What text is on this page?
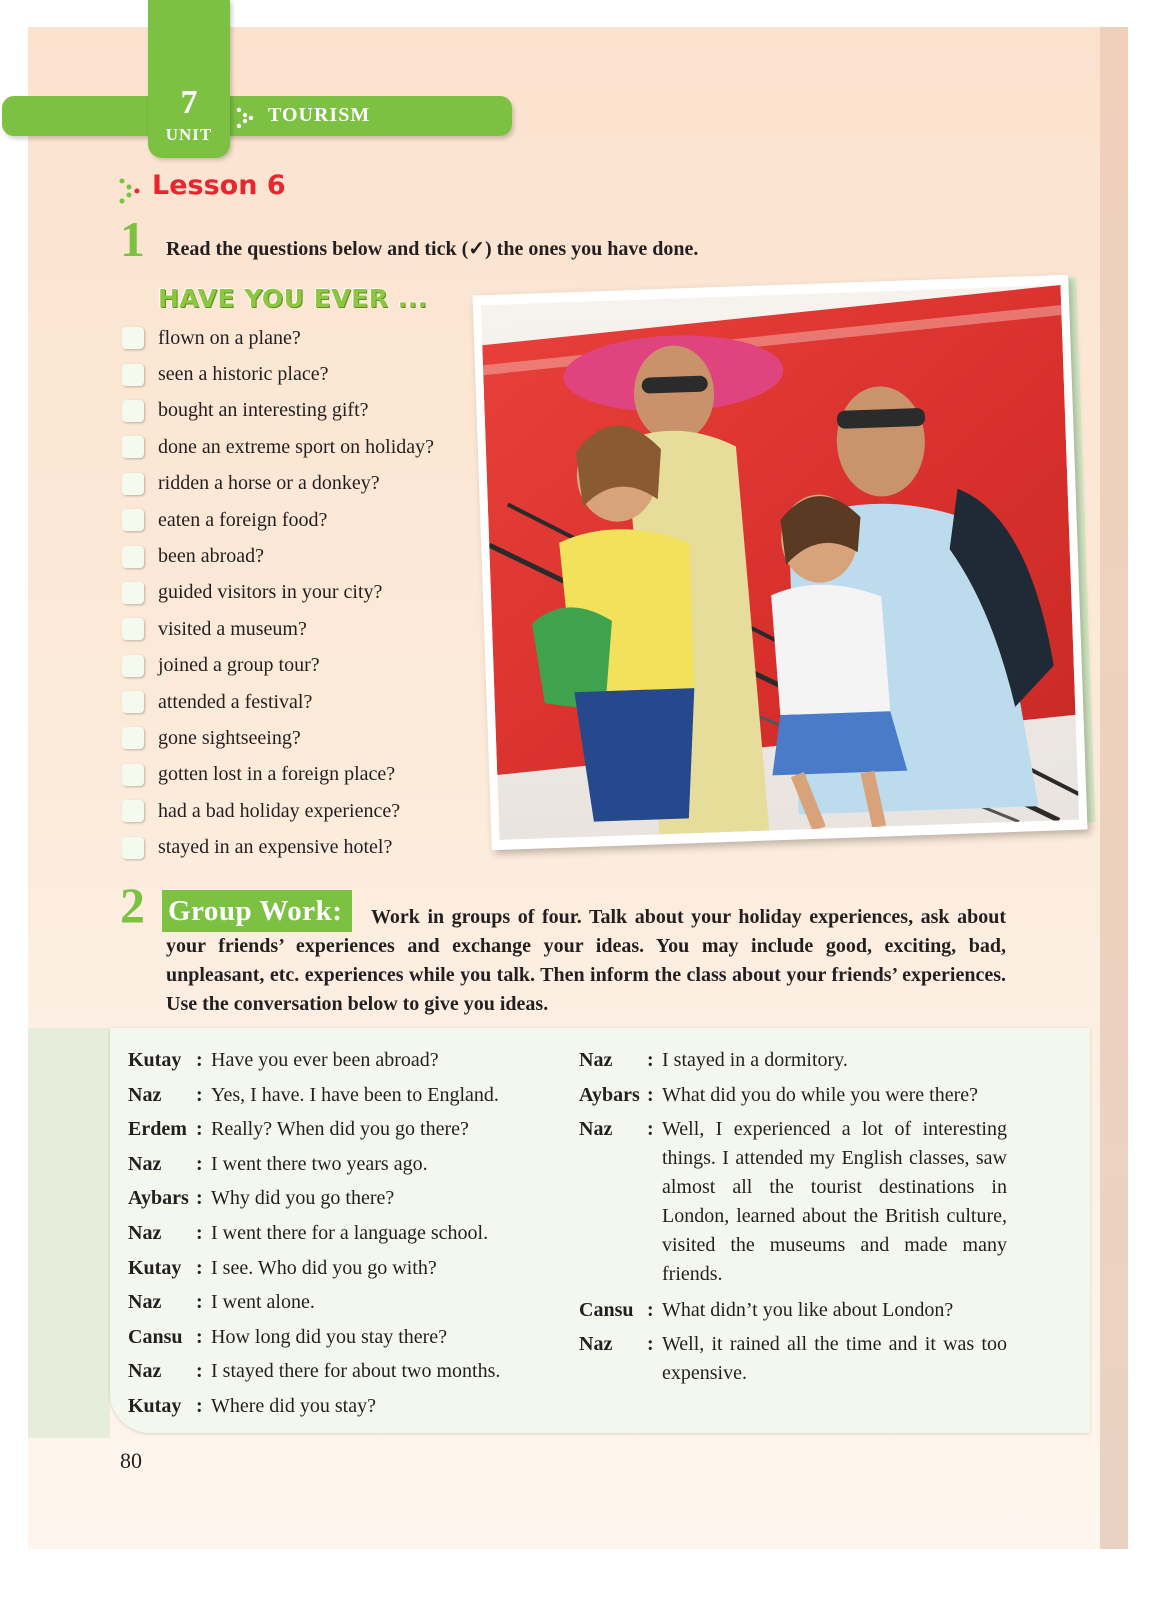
7
UNIT
TOURISM
Lesson 6
1 Read the questions below and tick (✓) the ones you have done.
HAVE YOU EVER ...
flown on a plane?
seen a historic place?
bought an interesting gift?
done an extreme sport on holiday?
ridden a horse or a donkey?
eaten a foreign food?
been abroad?
guided visitors in your city?
visited a museum?
joined a group tour?
attended a festival?
gone sightseeing?
gotten lost in a foreign place?
had a bad holiday experience?
stayed in an expensive hotel?
2	Work in groups of four. Talk about your holiday experiences, ask about your friends’ experiences and exchange your ideas. You may include good, exciting, bad, unpleasant, etc. experiences while you talk. Then inform the class about your friends’ experiences. Use the conversation below to give you ideas.
Group Work:
Kutay : Have you ever been abroad?
Naz : Yes, I have. I have been to England.
Erdem : Really? When did you go there?
Naz : I went there two years ago.
Aybars : Why did you go there?
Naz : I went there for a language school.
Kutay : I see. Who did you go with?
Naz : I went alone.
Cansu : How long did you stay there?
Naz : I stayed there for about two months.
Kutay : Where did you stay?
Naz : I stayed in a dormitory.
Aybars : What did you do while you were there?
Naz : Well, I experienced a lot of interesting things. I attended my English classes, saw almost all the tourist destinations in London, learned about the British culture, visited the museums and made many friends.
Cansu : What didn’t you like about London?
Naz : Well, it rained all the time and it was too expensive.
80
